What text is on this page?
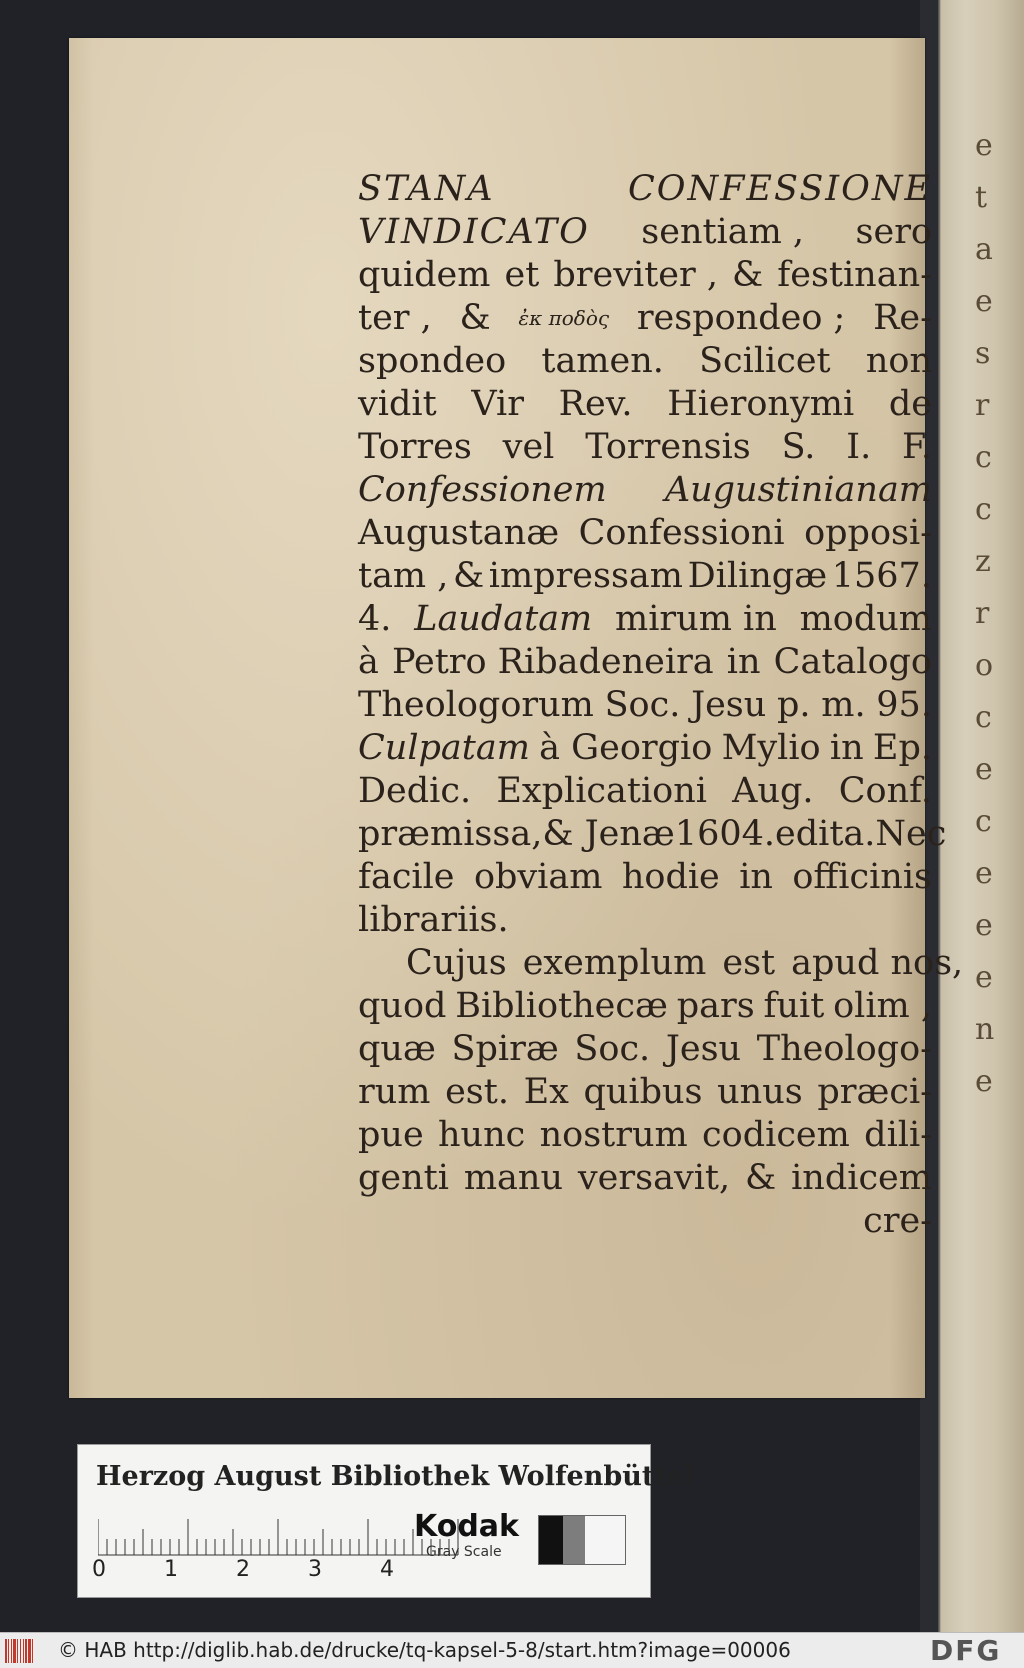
e
t
a
e
s
r
c
c
z
r
o
c
e
c
e
e
e
n
e
STANA	CONFESSIONE
VINDICATO sentiam , sero
quidem et breviter , & festinan-
ter , & ἐκ ποδὸς respondeo ; Re-
spondeo tamen. Scilicet non
vidit Vir Rev. Hieronymi de
Torres vel Torrensis S. I. F.
Confessionem Augustinianam
Augustanæ Confessioni opposi-
tam , & impressam Dilingæ 1567.
4. Laudatam mirum in modum
à Petro Ribadeneira in Catalogo
Theologorum Soc. Jesu p. m. 95.
Culpatam à Georgio Mylio in Ep.
Dedic. Explicationi Aug. Conf.
præmissa, & Jenæ 1604. edita.Nec
facile obviam hodie in officinis
librariis.
Cujus exemplum est apud nos,
quod Bibliothecæ pars fuit olim ,
quæ Spiræ Soc. Jesu Theologo-
rum est. Ex quibus unus præci-
pue hunc nostrum codicem dili-
genti manu versavit, & indicem
cre-
Herzog August Bibliothek Wolfenbüttel
0	1	2	3	4
Kodak
Gray Scale
© HAB http://diglib.hab.de/drucke/tq-kapsel-5-8/start.htm?image=00006	DFG
